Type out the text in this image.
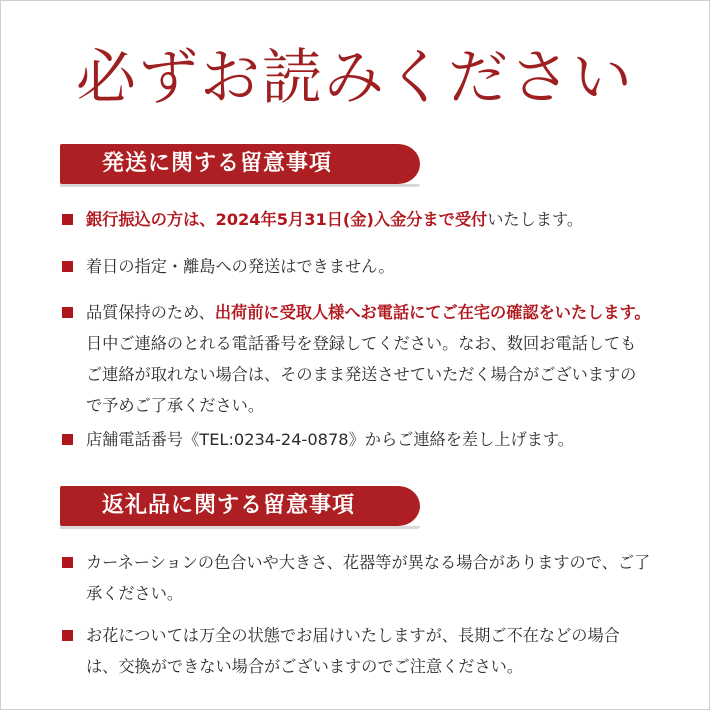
必ずお読みください
発送に関する留意事項
銀行振込の方は、2024年5月31日(金)入金分まで受付いたします。
着日の指定・離島への発送はできません。
品質保持のため、出荷前に受取人様へお電話にてご在宅の確認をいたします。日中ご連絡のとれる電話番号を登録してください。なお、数回お電話してもご連絡が取れない場合は、そのまま発送させていただく場合がございますので予めご了承ください。
店舗電話番号《TEL:0234-24-0878》からご連絡を差し上げます。
返礼品に関する留意事項
カーネーションの色合いや大きさ、花器等が異なる場合がありますので、ご了承ください。
お花については万全の状態でお届けいたしますが、長期ご不在などの場合は、交換ができない場合がございますのでご注意ください。
